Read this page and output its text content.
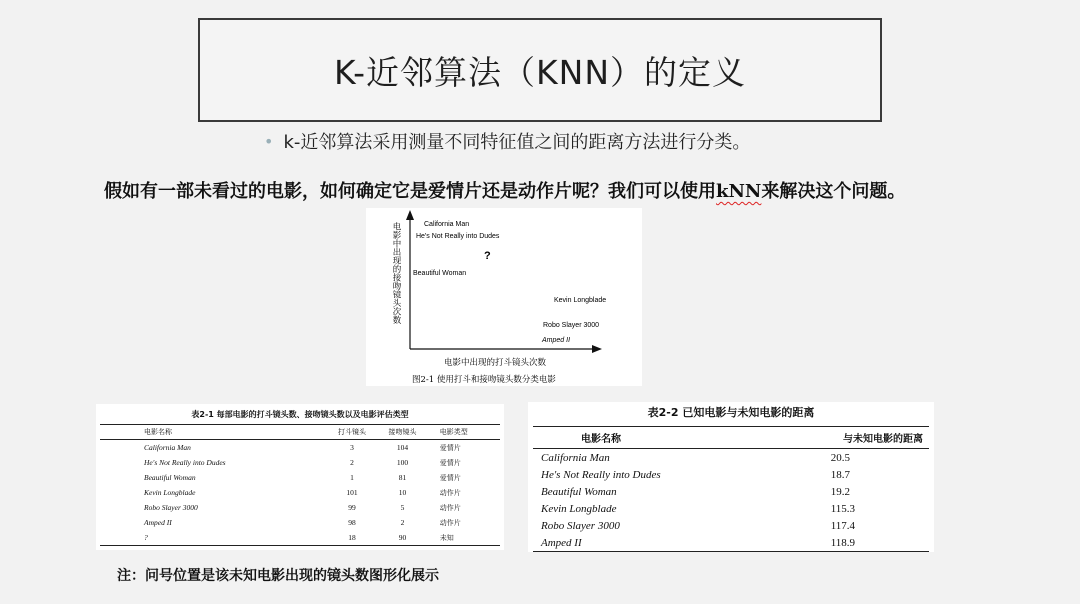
K-近邻算法（KNN）的定义
• k-近邻算法采用测量不同特征值之间的距离方法进行分类。
假如有一部未看过的电影，如何确定它是爱情片还是动作片呢？我们可以使用kNN来解决这个问题。
电影中出现的接吻镜头次数
电影中出现的打斗镜头次数
图2-1 使用打斗和接吻镜头数分类电影
California Man
He's Not Really into Dudes
?
Beautiful Woman
Kevin Longblade
Robo Slayer 3000
Amped II
表2-1 每部电影的打斗镜头数、接吻镜头数以及电影评估类型
电影名称	打斗镜头	接吻镜头	电影类型
California Man	3	104	爱情片
He's Not Really into Dudes	2	100	爱情片
Beautiful Woman	1	81	爱情片
Kevin Longblade	101	10	动作片
Robo Slayer 3000	99	5	动作片
Amped II	98	2	动作片
?	18	90	未知
表2-2 已知电影与未知电影的距离
电影名称	与未知电影的距离
California Man	20.5
He's Not Really into Dudes	18.7
Beautiful Woman	19.2
Kevin Longblade	115.3
Robo Slayer 3000	117.4
Amped II	118.9
注：问号位置是该未知电影出现的镜头数图形化展示
